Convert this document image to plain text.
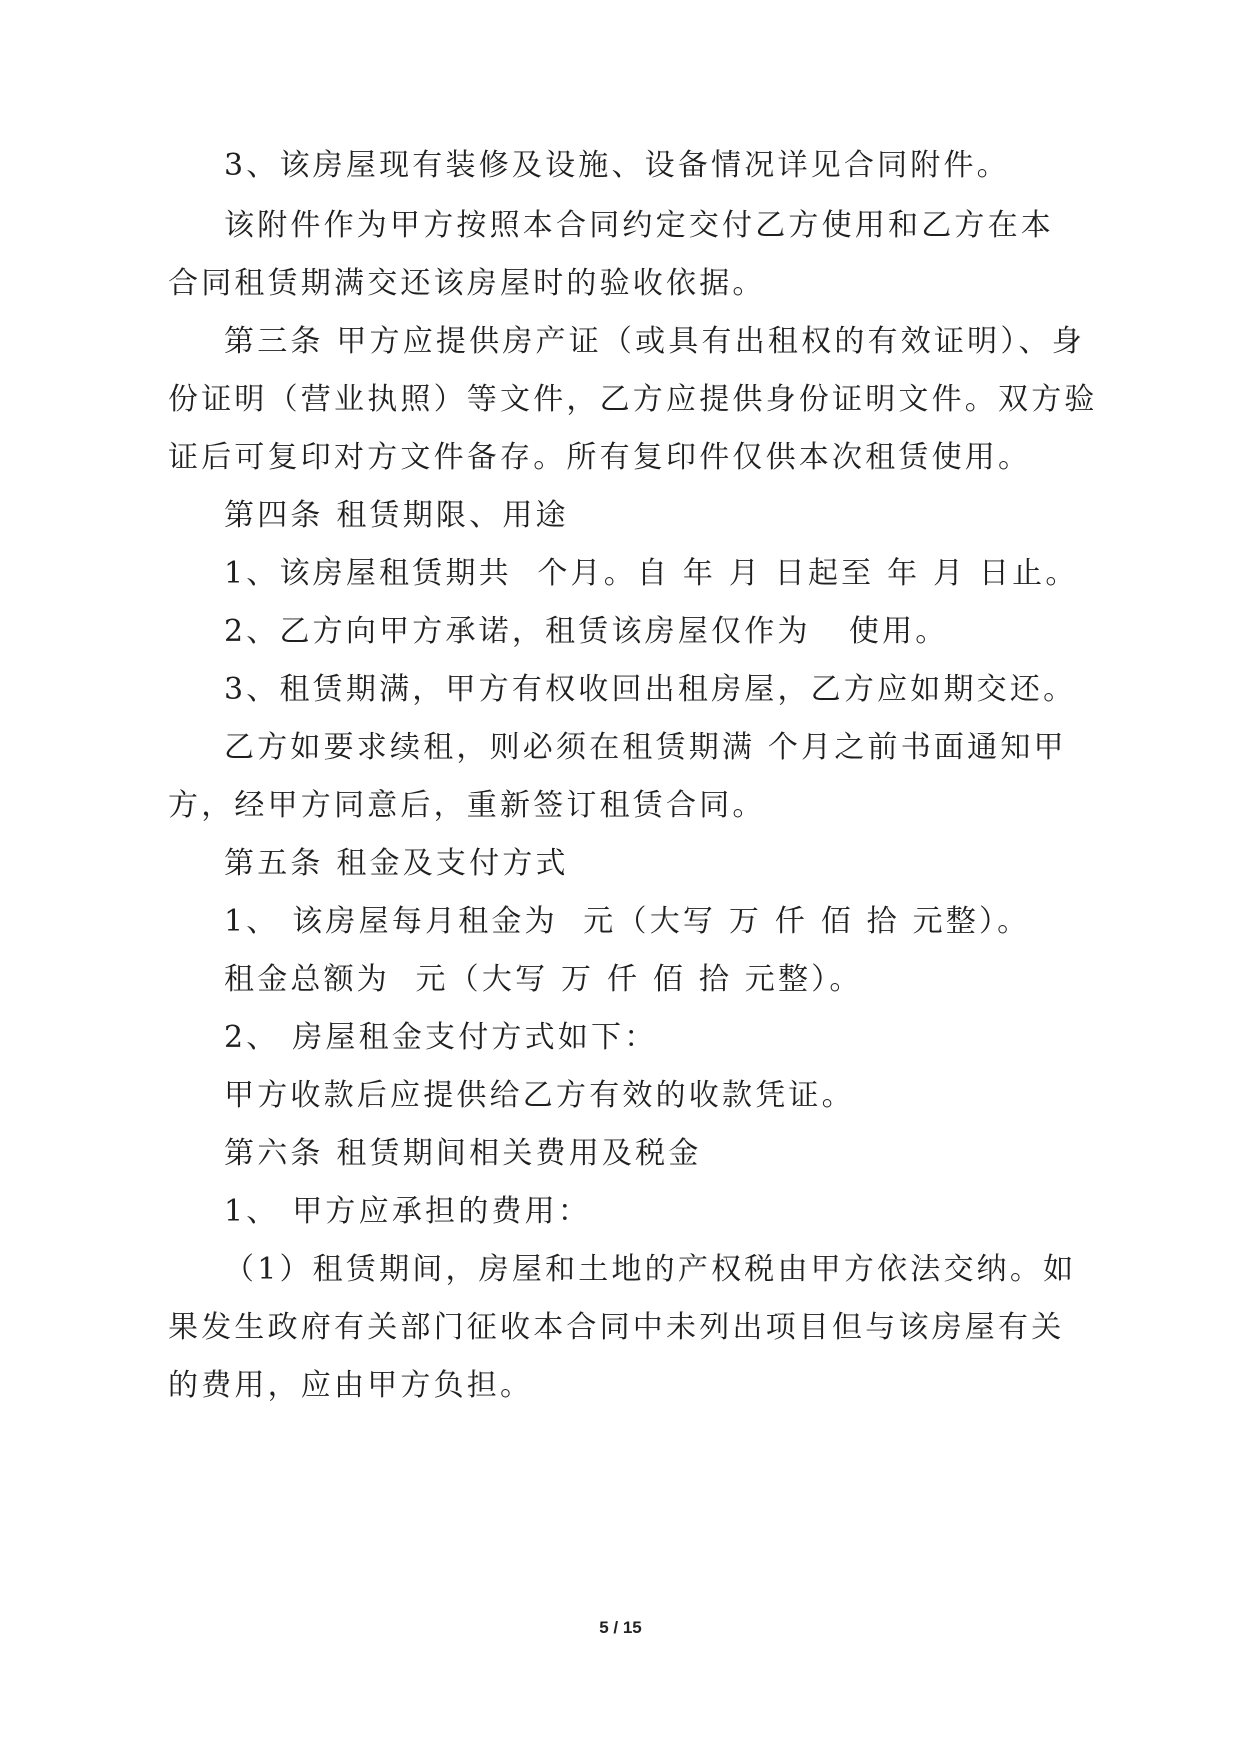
3、该房屋现有装修及设施、设备情况详见合同附件。
该附件作为甲方按照本合同约定交付乙方使用和乙方在本
合同租赁期满交还该房屋时的验收依据。
第三条 甲方应提供房产证（或具有出租权的有效证明）、身
份证明（营业执照）等文件，乙方应提供身份证明文件。双方验
证后可复印对方文件备存。所有复印件仅供本次租赁使用。
第四条 租赁期限、用途
1、该房屋租赁期共  个月。自 年 月 日起至 年 月 日止。
2、乙方向甲方承诺，租赁该房屋仅作为   使用。
3、租赁期满，甲方有权收回出租房屋，乙方应如期交还。
乙方如要求续租，则必须在租赁期满 个月之前书面通知甲
方，经甲方同意后，重新签订租赁合同。
第五条 租金及支付方式
1、 该房屋每月租金为  元（大写 万 仟 佰 拾 元整）。
租金总额为  元（大写 万 仟 佰 拾 元整）。
2、 房屋租金支付方式如下：
甲方收款后应提供给乙方有效的收款凭证。
第六条 租赁期间相关费用及税金
1、 甲方应承担的费用：
（1）租赁期间，房屋和土地的产权税由甲方依法交纳。如
果发生政府有关部门征收本合同中未列出项目但与该房屋有关
的费用，应由甲方负担。
5 / 15
